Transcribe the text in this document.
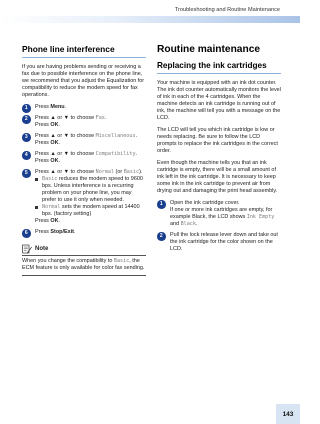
Troubleshooting and Routine Maintenance
Phone line interference

If you are having problems sending or receiving a fax due to possible interference on the phone line, we recommend that you adjust the Equalization for compatibility to reduce the modem speed for fax operations.

1	Press Menu.
2	Press ▲ or ▼ to choose Fax.
Press OK.
3	Press ▲ or ▼ to choose Miscellaneous.
Press OK.
4	Press ▲ or ▼ to choose Compatibility.
Press OK.
5	Press ▲ or ▼ to choose Normal (or Basic).
Basic reduces the modem speed to 9600 bps. Unless interference is a recurring problem on your phone line, you may prefer to use it only when needed.
Normal sets the modem speed at 14400 bps. (factory setting)
Press OK.
6	Press Stop/Exit.
Note
When you change the compatibility to Basic, the ECM feature is only available for color fax sending.
Routine maintenance
Replacing the ink cartridges

Your machine is equipped with an ink dot counter. The ink dot counter automatically monitors the level of ink in each of the 4 cartridges. When the machine detects an ink cartridge is running out of ink, the machine will tell you with a message on the LCD.

The LCD will tell you which ink cartridge is low or needs replacing. Be sure to follow the LCD prompts to replace the ink cartridges in the correct order.

Even though the machine tells you that an ink cartridge is empty, there will be a small amount of ink left in the ink cartridge. It is necessary to keep some ink in the ink cartridge to prevent air from drying out and damaging the print head assembly.

1	Open the ink cartridge cover.
If one or more ink cartridges are empty, for example Black, the LCD shows Ink Empty and Black.
2	Pull the lock release lever down and take out the ink cartridge for the color shown on the LCD.
143
